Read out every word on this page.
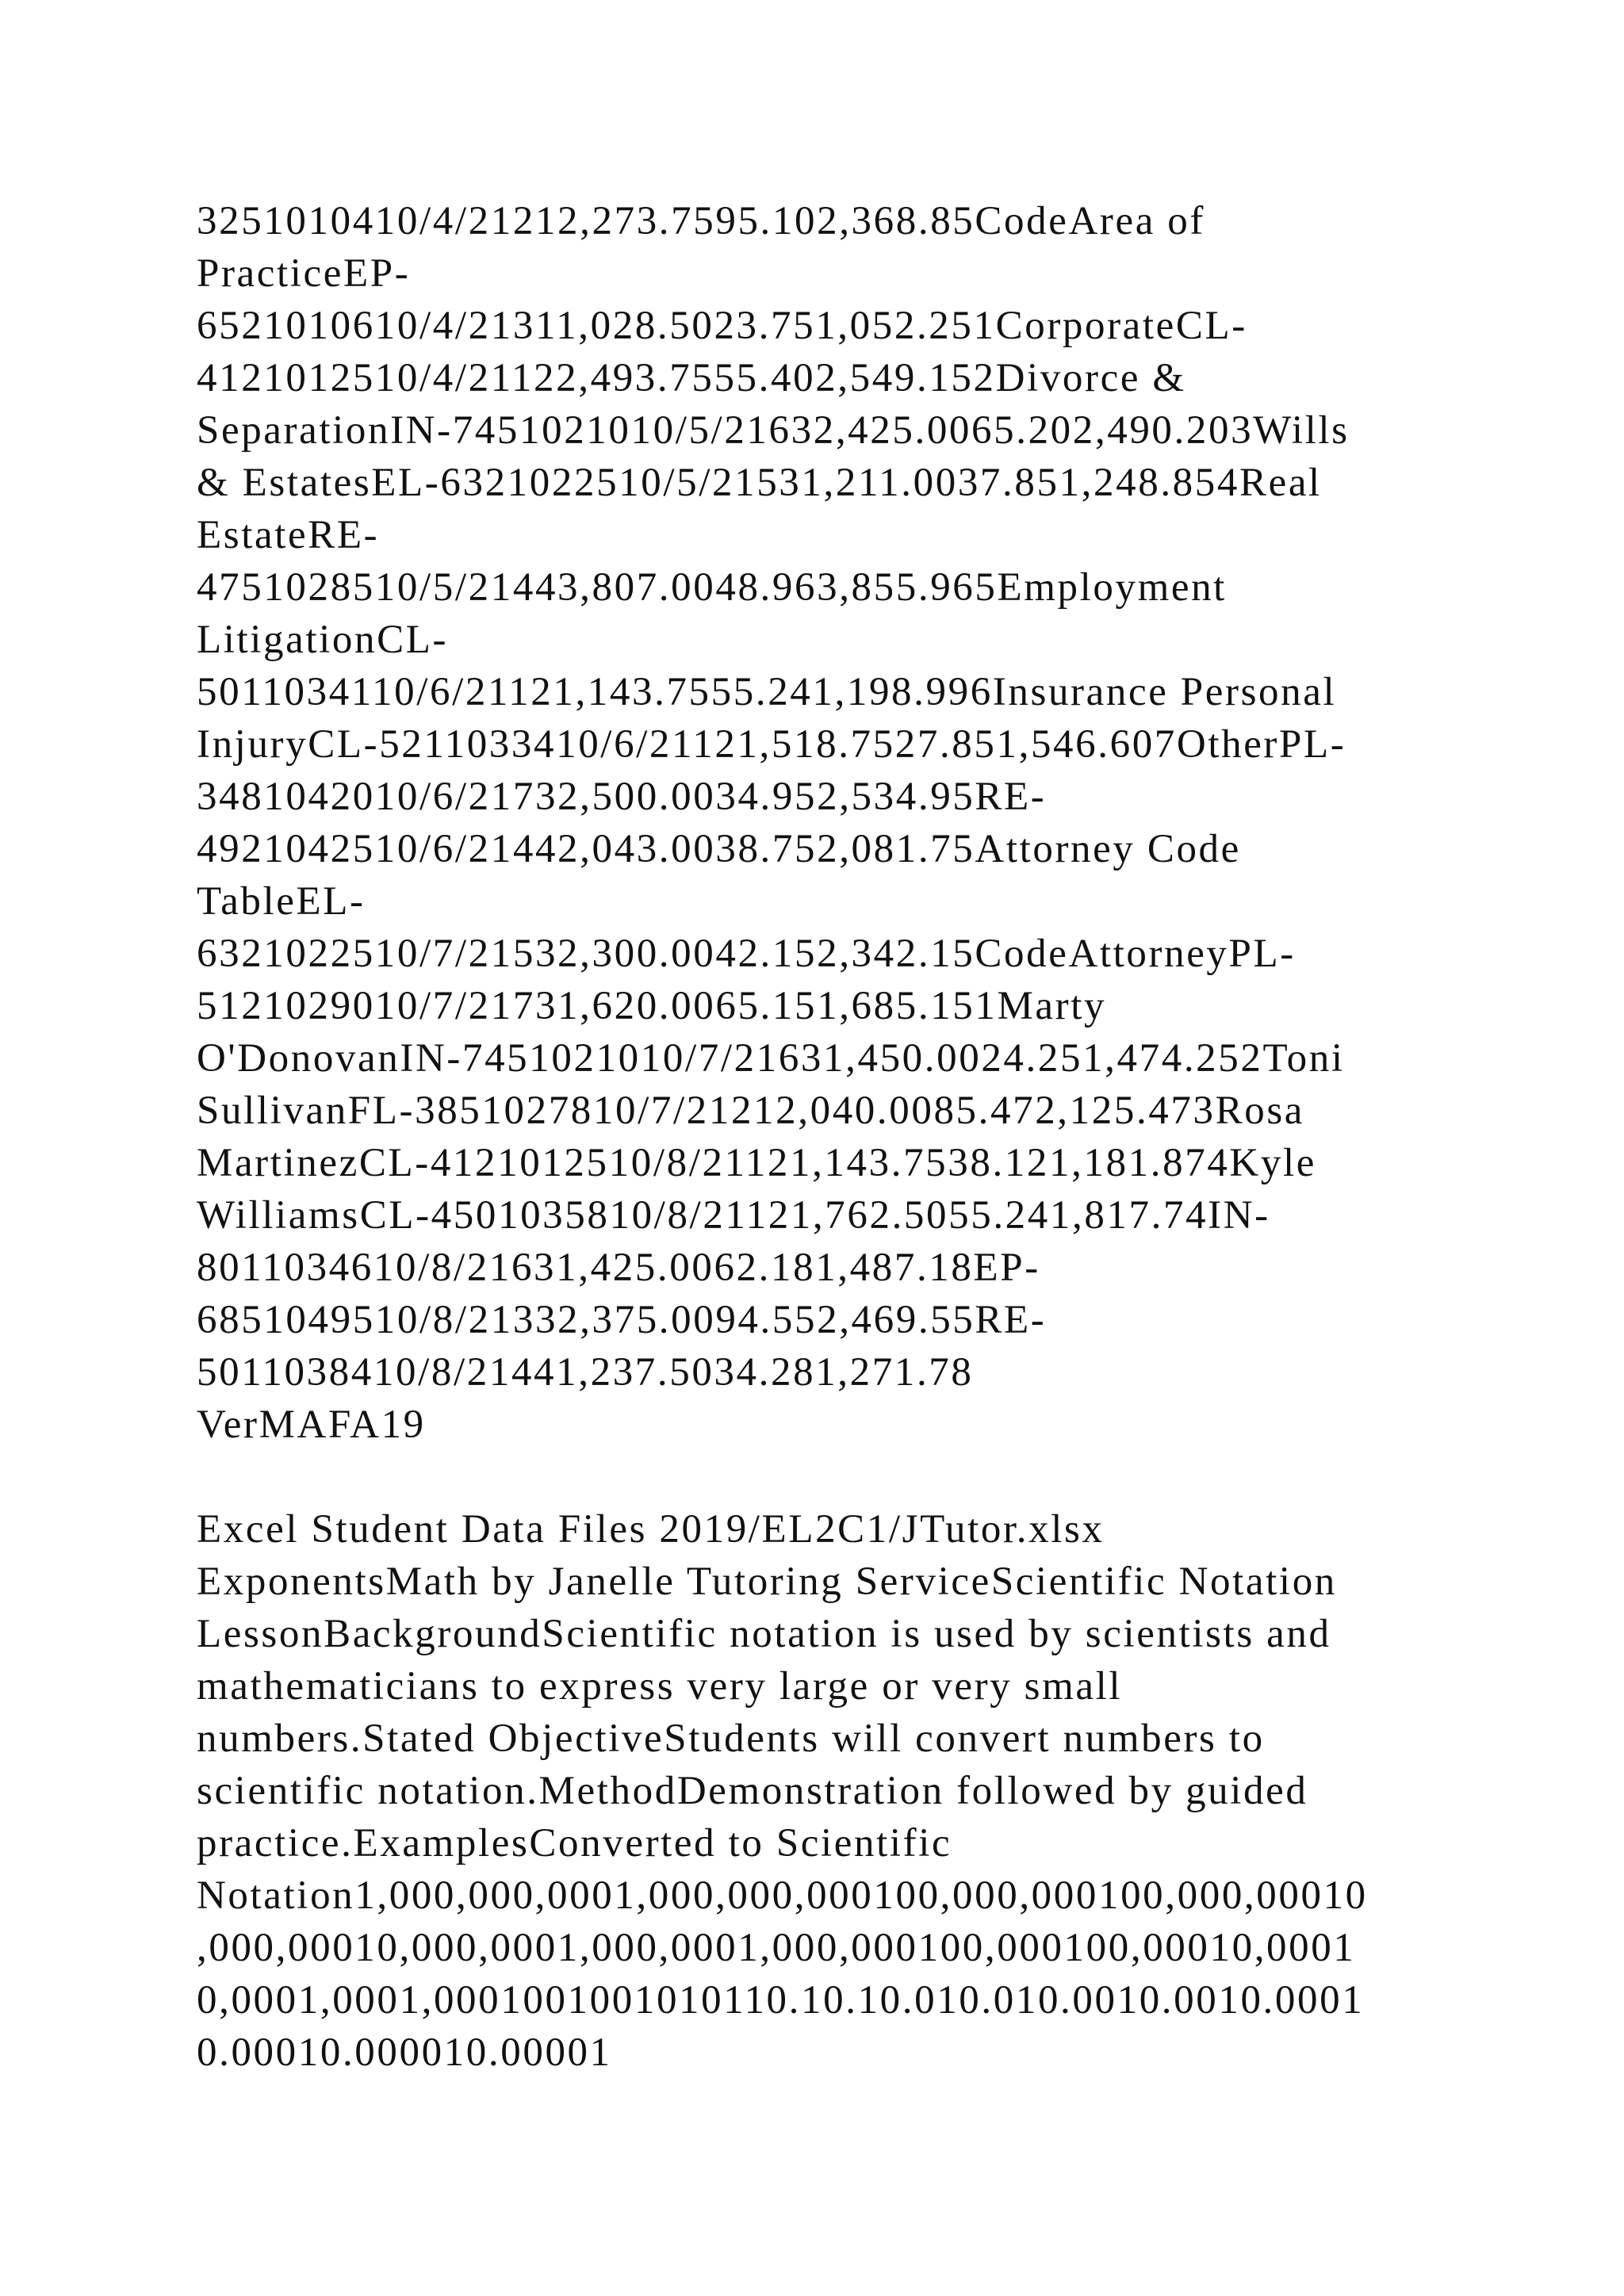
3251010410/4/21212,273.7595.102,368.85CodeArea of
PracticeEP-
6521010610/4/21311,028.5023.751,052.251CorporateCL-
4121012510/4/21122,493.7555.402,549.152Divorce &
SeparationIN-7451021010/5/21632,425.0065.202,490.203Wills
& EstatesEL-6321022510/5/21531,211.0037.851,248.854Real
EstateRE-
4751028510/5/21443,807.0048.963,855.965Employment
LitigationCL-
5011034110/6/21121,143.7555.241,198.996Insurance Personal
InjuryCL-5211033410/6/21121,518.7527.851,546.607OtherPL-
3481042010/6/21732,500.0034.952,534.95RE-
4921042510/6/21442,043.0038.752,081.75Attorney Code
TableEL-
6321022510/7/21532,300.0042.152,342.15CodeAttorneyPL-
5121029010/7/21731,620.0065.151,685.151Marty
O'DonovanIN-7451021010/7/21631,450.0024.251,474.252Toni
SullivanFL-3851027810/7/21212,040.0085.472,125.473Rosa
MartinezCL-4121012510/8/21121,143.7538.121,181.874Kyle
WilliamsCL-4501035810/8/21121,762.5055.241,817.74IN-
8011034610/8/21631,425.0062.181,487.18EP-
6851049510/8/21332,375.0094.552,469.55RE-
5011038410/8/21441,237.5034.281,271.78
VerMAFA19
Excel Student Data Files 2019/EL2C1/JTutor.xlsx
ExponentsMath by Janelle Tutoring ServiceScientific Notation
LessonBackgroundScientific notation is used by scientists and
mathematicians to express very large or very small
numbers.Stated ObjectiveStudents will convert numbers to
scientific notation.MethodDemonstration followed by guided
practice.ExamplesConverted to Scientific
Notation1,000,000,0001,000,000,000100,000,000100,000,00010
,000,00010,000,0001,000,0001,000,000100,000100,00010,0001
0,0001,0001,0001001001010110.10.10.010.010.0010.0010.0001
0.00010.000010.00001
